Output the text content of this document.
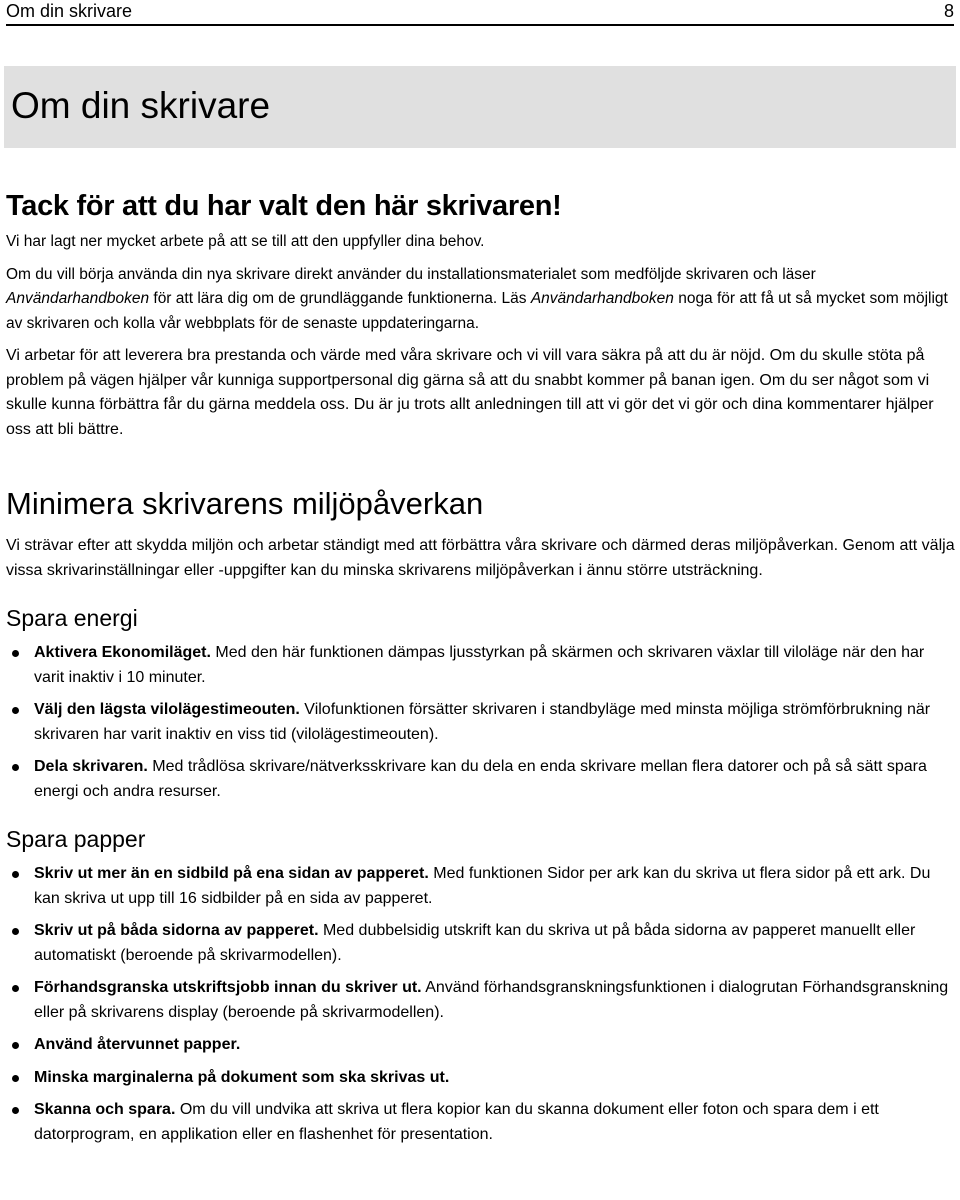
Om din skrivare	8
Om din skrivare
Tack för att du har valt den här skrivaren!

Vi har lagt ner mycket arbete på att se till att den uppfyller dina behov.

Om du vill börja använda din nya skrivare direkt använder du installationsmaterialet som medföljde skrivaren och läser Användarhandboken för att lära dig om de grundläggande funktionerna. Läs Användarhandboken noga för att få ut så mycket som möjligt av skrivaren och kolla vår webbplats för de senaste uppdateringarna.

Vi arbetar för att leverera bra prestanda och värde med våra skrivare och vi vill vara säkra på att du är nöjd. Om du skulle stöta på problem på vägen hjälper vår kunniga supportpersonal dig gärna så att du snabbt kommer på banan igen. Om du ser något som vi skulle kunna förbättra får du gärna meddela oss. Du är ju trots allt anledningen till att vi gör det vi gör och dina kommentarer hjälper oss att bli bättre.

Minimera skrivarens miljöpåverkan

Vi strävar efter att skydda miljön och arbetar ständigt med att förbättra våra skrivare och därmed deras miljöpåverkan. Genom att välja vissa skrivarinställningar eller -uppgifter kan du minska skrivarens miljöpåverkan i ännu större utsträckning.

Spara energi
Aktivera Ekonomiläget. Med den här funktionen dämpas ljusstyrkan på skärmen och skrivaren växlar till viloläge när den har varit inaktiv i 10 minuter.
Välj den lägsta vilolägestimeouten. Vilofunktionen försätter skrivaren i standbyläge med minsta möjliga strömförbrukning när skrivaren har varit inaktiv en viss tid (vilolägestimeouten).
Dela skrivaren. Med trådlösa skrivare/nätverksskrivare kan du dela en enda skrivare mellan flera datorer och på så sätt spara energi och andra resurser.
Spara papper
Skriv ut mer än en sidbild på ena sidan av papperet. Med funktionen Sidor per ark kan du skriva ut flera sidor på ett ark. Du kan skriva ut upp till 16 sidbilder på en sida av papperet.
Skriv ut på båda sidorna av papperet. Med dubbelsidig utskrift kan du skriva ut på båda sidorna av papperet manuellt eller automatiskt (beroende på skrivarmodellen).
Förhandsgranska utskriftsjobb innan du skriver ut. Använd förhandsgranskningsfunktionen i dialogrutan Förhandsgranskning eller på skrivarens display (beroende på skrivarmodellen).
Använd återvunnet papper.
Minska marginalerna på dokument som ska skrivas ut.
Skanna och spara. Om du vill undvika att skriva ut flera kopior kan du skanna dokument eller foton och spara dem i ett datorprogram, en applikation eller en flashenhet för presentation.
